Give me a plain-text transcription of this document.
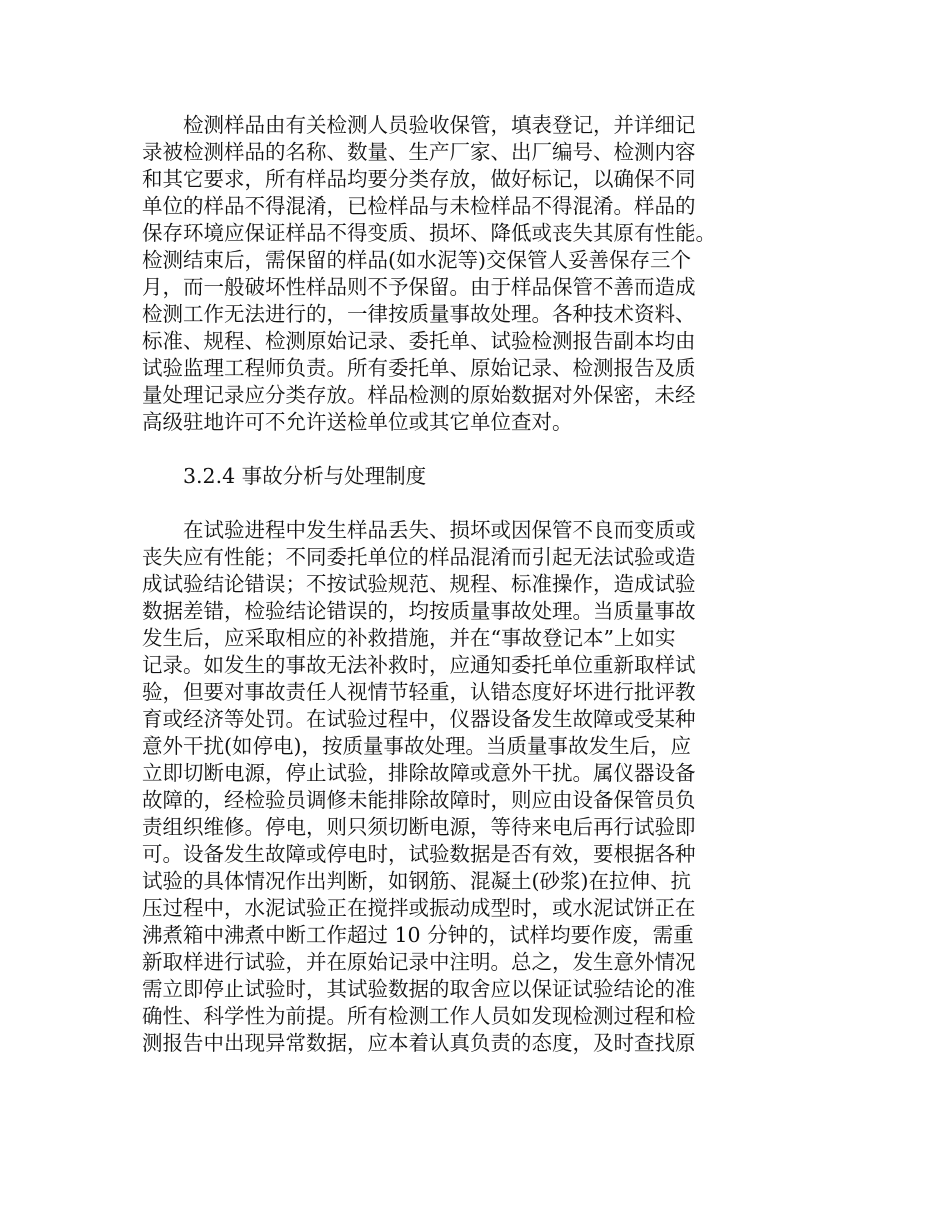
　　检测样品由有关检测人员验收保管，填表登记，并详细记
录被检测样品的名称、数量、生产厂家、出厂编号、检测内容
和其它要求，所有样品均要分类存放，做好标记，以确保不同
单位的样品不得混淆，已检样品与未检样品不得混淆。样品的
保存环境应保证样品不得变质、损坏、降低或丧失其原有性能。
检测结束后，需保留的样品(如水泥等)交保管人妥善保存三个
月，而一般破坏性样品则不予保留。由于样品保管不善而造成
检测工作无法进行的，一律按质量事故处理。各种技术资料、
标准、规程、检测原始记录、委托单、试验检测报告副本均由
试验监理工程师负责。所有委托单、原始记录、检测报告及质
量处理记录应分类存放。样品检测的原始数据对外保密，未经
高级驻地许可不允许送检单位或其它单位查对。
　　3.2.4 事故分析与处理制度
　　在试验进程中发生样品丢失、损坏或因保管不良而变质或
丧失应有性能；不同委托单位的样品混淆而引起无法试验或造
成试验结论错误；不按试验规范、规程、标准操作，造成试验
数据差错，检验结论错误的，均按质量事故处理。当质量事故
发生后，应采取相应的补救措施，并在“事故登记本”上如实
记录。如发生的事故无法补救时，应通知委托单位重新取样试
验，但要对事故责任人视情节轻重，认错态度好坏进行批评教
育或经济等处罚。在试验过程中，仪器设备发生故障或受某种
意外干扰(如停电)，按质量事故处理。当质量事故发生后，应
立即切断电源，停止试验，排除故障或意外干扰。属仪器设备
故障的，经检验员调修未能排除故障时，则应由设备保管员负
责组织维修。停电，则只须切断电源，等待来电后再行试验即
可。设备发生故障或停电时，试验数据是否有效，要根据各种
试验的具体情况作出判断，如钢筋、混凝土(砂浆)在拉伸、抗
压过程中，水泥试验正在搅拌或振动成型时，或水泥试饼正在
沸煮箱中沸煮中断工作超过 10 分钟的，试样均要作废，需重
新取样进行试验，并在原始记录中注明。总之，发生意外情况
需立即停止试验时，其试验数据的取舍应以保证试验结论的准
确性、科学性为前提。所有检测工作人员如发现检测过程和检
测报告中出现异常数据，应本着认真负责的态度，及时查找原
